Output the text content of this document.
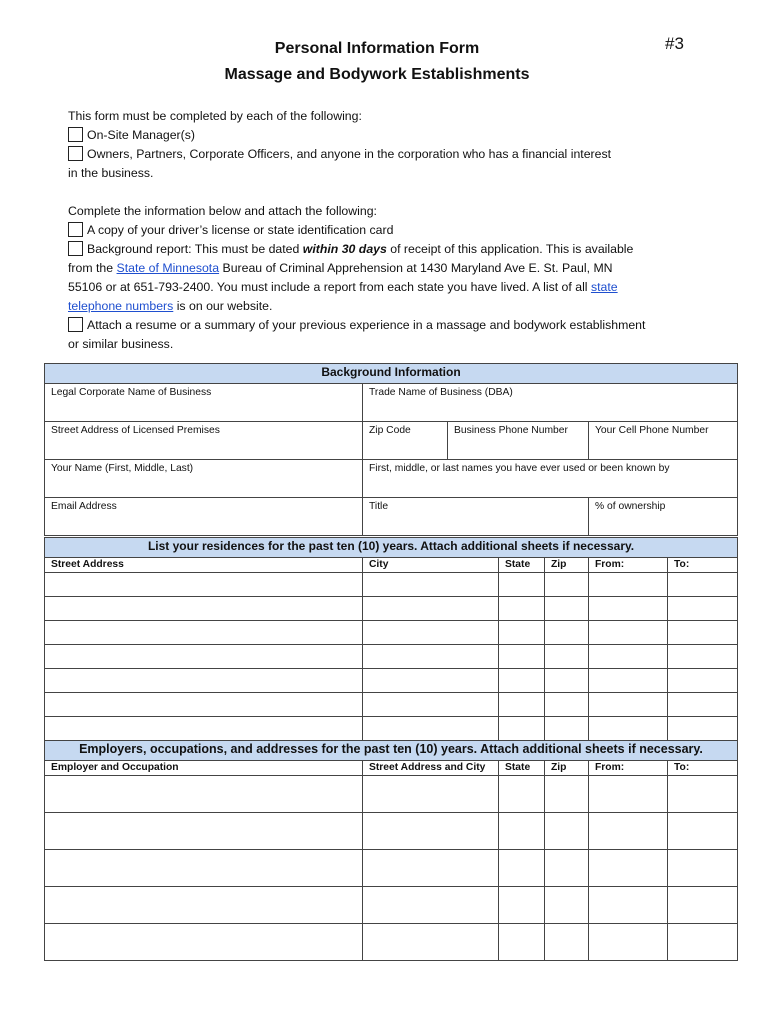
#3
Personal Information Form
Massage and Bodywork Establishments
This form must be completed by each of the following:
On-Site Manager(s)
Owners, Partners, Corporate Officers, and anyone in the corporation who has a financial interest
in the business.
Complete the information below and attach the following:
A copy of your driver’s license or state identification card
Background report: This must be dated within 30 days of receipt of this application. This is available
from the State of Minnesota Bureau of Criminal Apprehension at 1430 Maryland Ave E. St. Paul, MN
55106 or at 651-793-2400. You must include a report from each state you have lived. A list of all state
telephone numbers is on our website.
Attach a resume or a summary of your previous experience in a massage and bodywork establishment
or similar business.
Background Information			

Legal Corporate Name of Business	Trade Name of Business (DBA)		

Street Address of Licensed Premises	Zip Code	Business Phone Number	Your Cell Phone Number

Your Name (First, Middle, Last)	First, middle, or last names you have ever used or been known by		

Email Address	Title		% of ownership
List your residences for the past ten (10) years. Attach additional sheets if necessary.					
Street Address	City	State	Zip	From:	To:

Employers, occupations, and addresses for the past ten (10) years. Attach additional sheets if necessary.					
Employer and Occupation	Street Address and City	State	Zip	From:	To:
